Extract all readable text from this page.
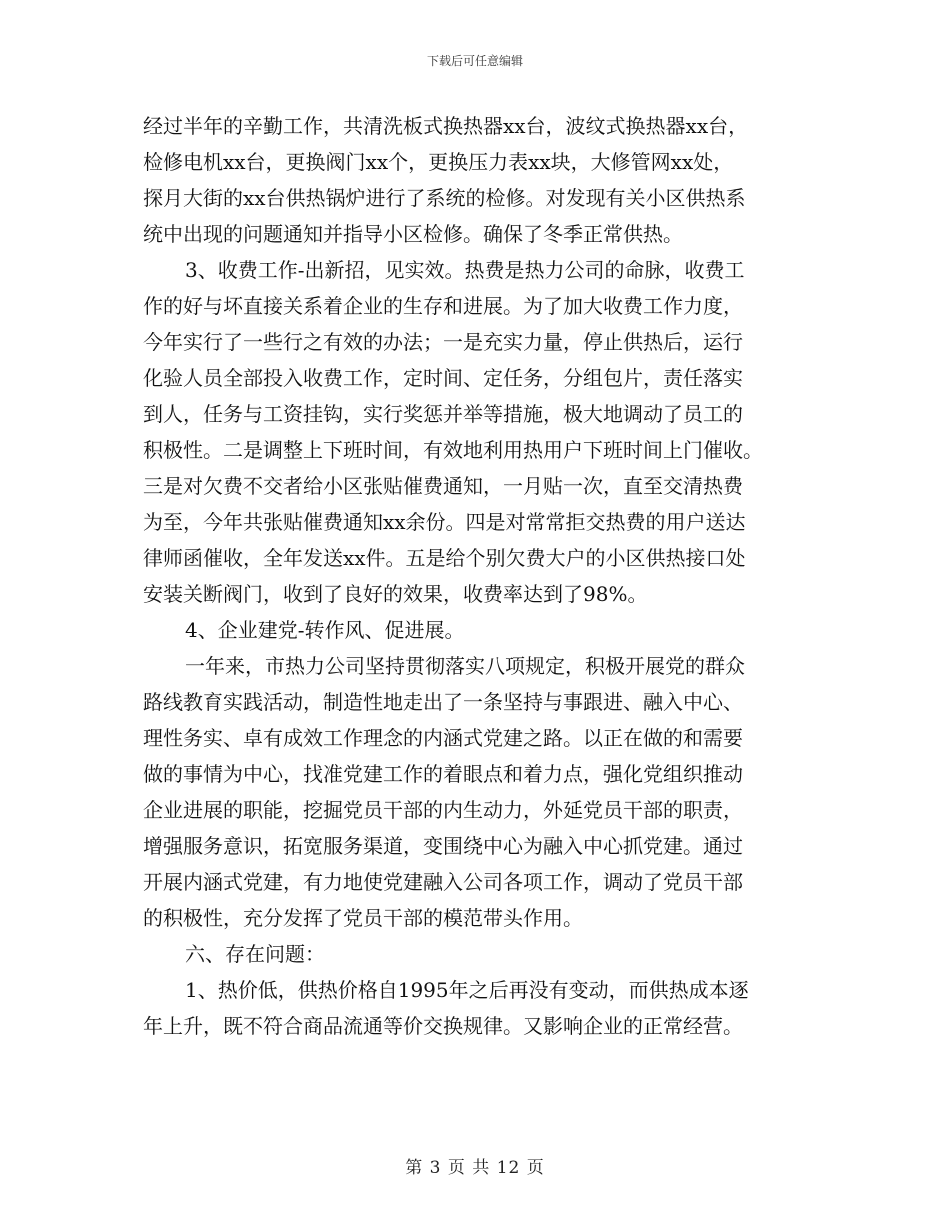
下载后可任意编辑
经过半年的辛勤工作，共清洗板式换热器xx台，波纹式换热器xx台，
检修电机xx台，更换阀门xx个，更换压力表xx块，大修管网xx处，
探月大街的xx台供热锅炉进行了系统的检修。对发现有关小区供热系
统中出现的问题通知并指导小区检修。确保了冬季正常供热。
3、收费工作-出新招，见实效。热费是热力公司的命脉，收费工
作的好与坏直接关系着企业的生存和进展。为了加大收费工作力度，
今年实行了一些行之有效的办法；一是充实力量，停止供热后，运行
化验人员全部投入收费工作，定时间、定任务，分组包片，责任落实
到人，任务与工资挂钩，实行奖惩并举等措施，极大地调动了员工的
积极性。二是调整上下班时间，有效地利用热用户下班时间上门催收。
三是对欠费不交者给小区张贴催费通知，一月贴一次，直至交清热费
为至，今年共张贴催费通知xx余份。四是对常常拒交热费的用户送达
律师函催收，全年发送xx件。五是给个别欠费大户的小区供热接口处
安装关断阀门，收到了良好的效果，收费率达到了98%。
4、企业建党-转作风、促进展。
一年来，市热力公司坚持贯彻落实八项规定，积极开展党的群众
路线教育实践活动，制造性地走出了一条坚持与事跟进、融入中心、
理性务实、卓有成效工作理念的内涵式党建之路。以正在做的和需要
做的事情为中心，找准党建工作的着眼点和着力点，强化党组织推动
企业进展的职能，挖掘党员干部的内生动力，外延党员干部的职责，
增强服务意识，拓宽服务渠道，变围绕中心为融入中心抓党建。通过
开展内涵式党建，有力地使党建融入公司各项工作，调动了党员干部
的积极性，充分发挥了党员干部的模范带头作用。
六、存在问题：
1、热价低，供热价格自1995年之后再没有变动，而供热成本逐
年上升，既不符合商品流通等价交换规律。又影响企业的正常经营。
第 3 页 共 12 页
